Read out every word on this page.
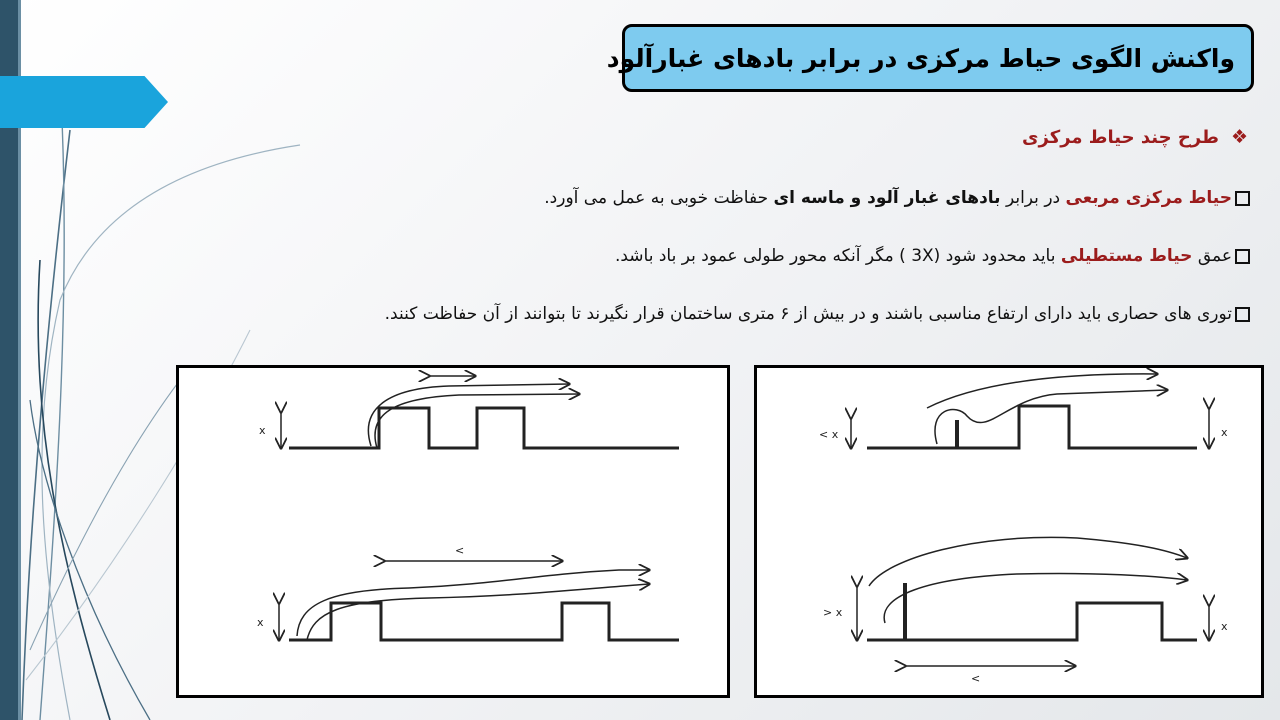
واکنش الگوی حیاط مرکزی در برابر بادهای غبارآلود
❖
طرح چند حیاط مرکزی
حیاط مرکزی مربعی در برابر بادهای غبار آلود و ماسه ای حفاظت خوبی به عمل می آورد.
عمق حیاط مستطیلی باید محدود شود (3X ) مگر آنکه محور طولی عمود بر باد باشد.
توری های حصاری باید دارای ارتفاع مناسبی باشند و در بیش از ۶ متری ساختمان قرار نگیرند تا بتوانند از آن حفاظت کنند.
x
x
<
< x	x
> x
x
<
